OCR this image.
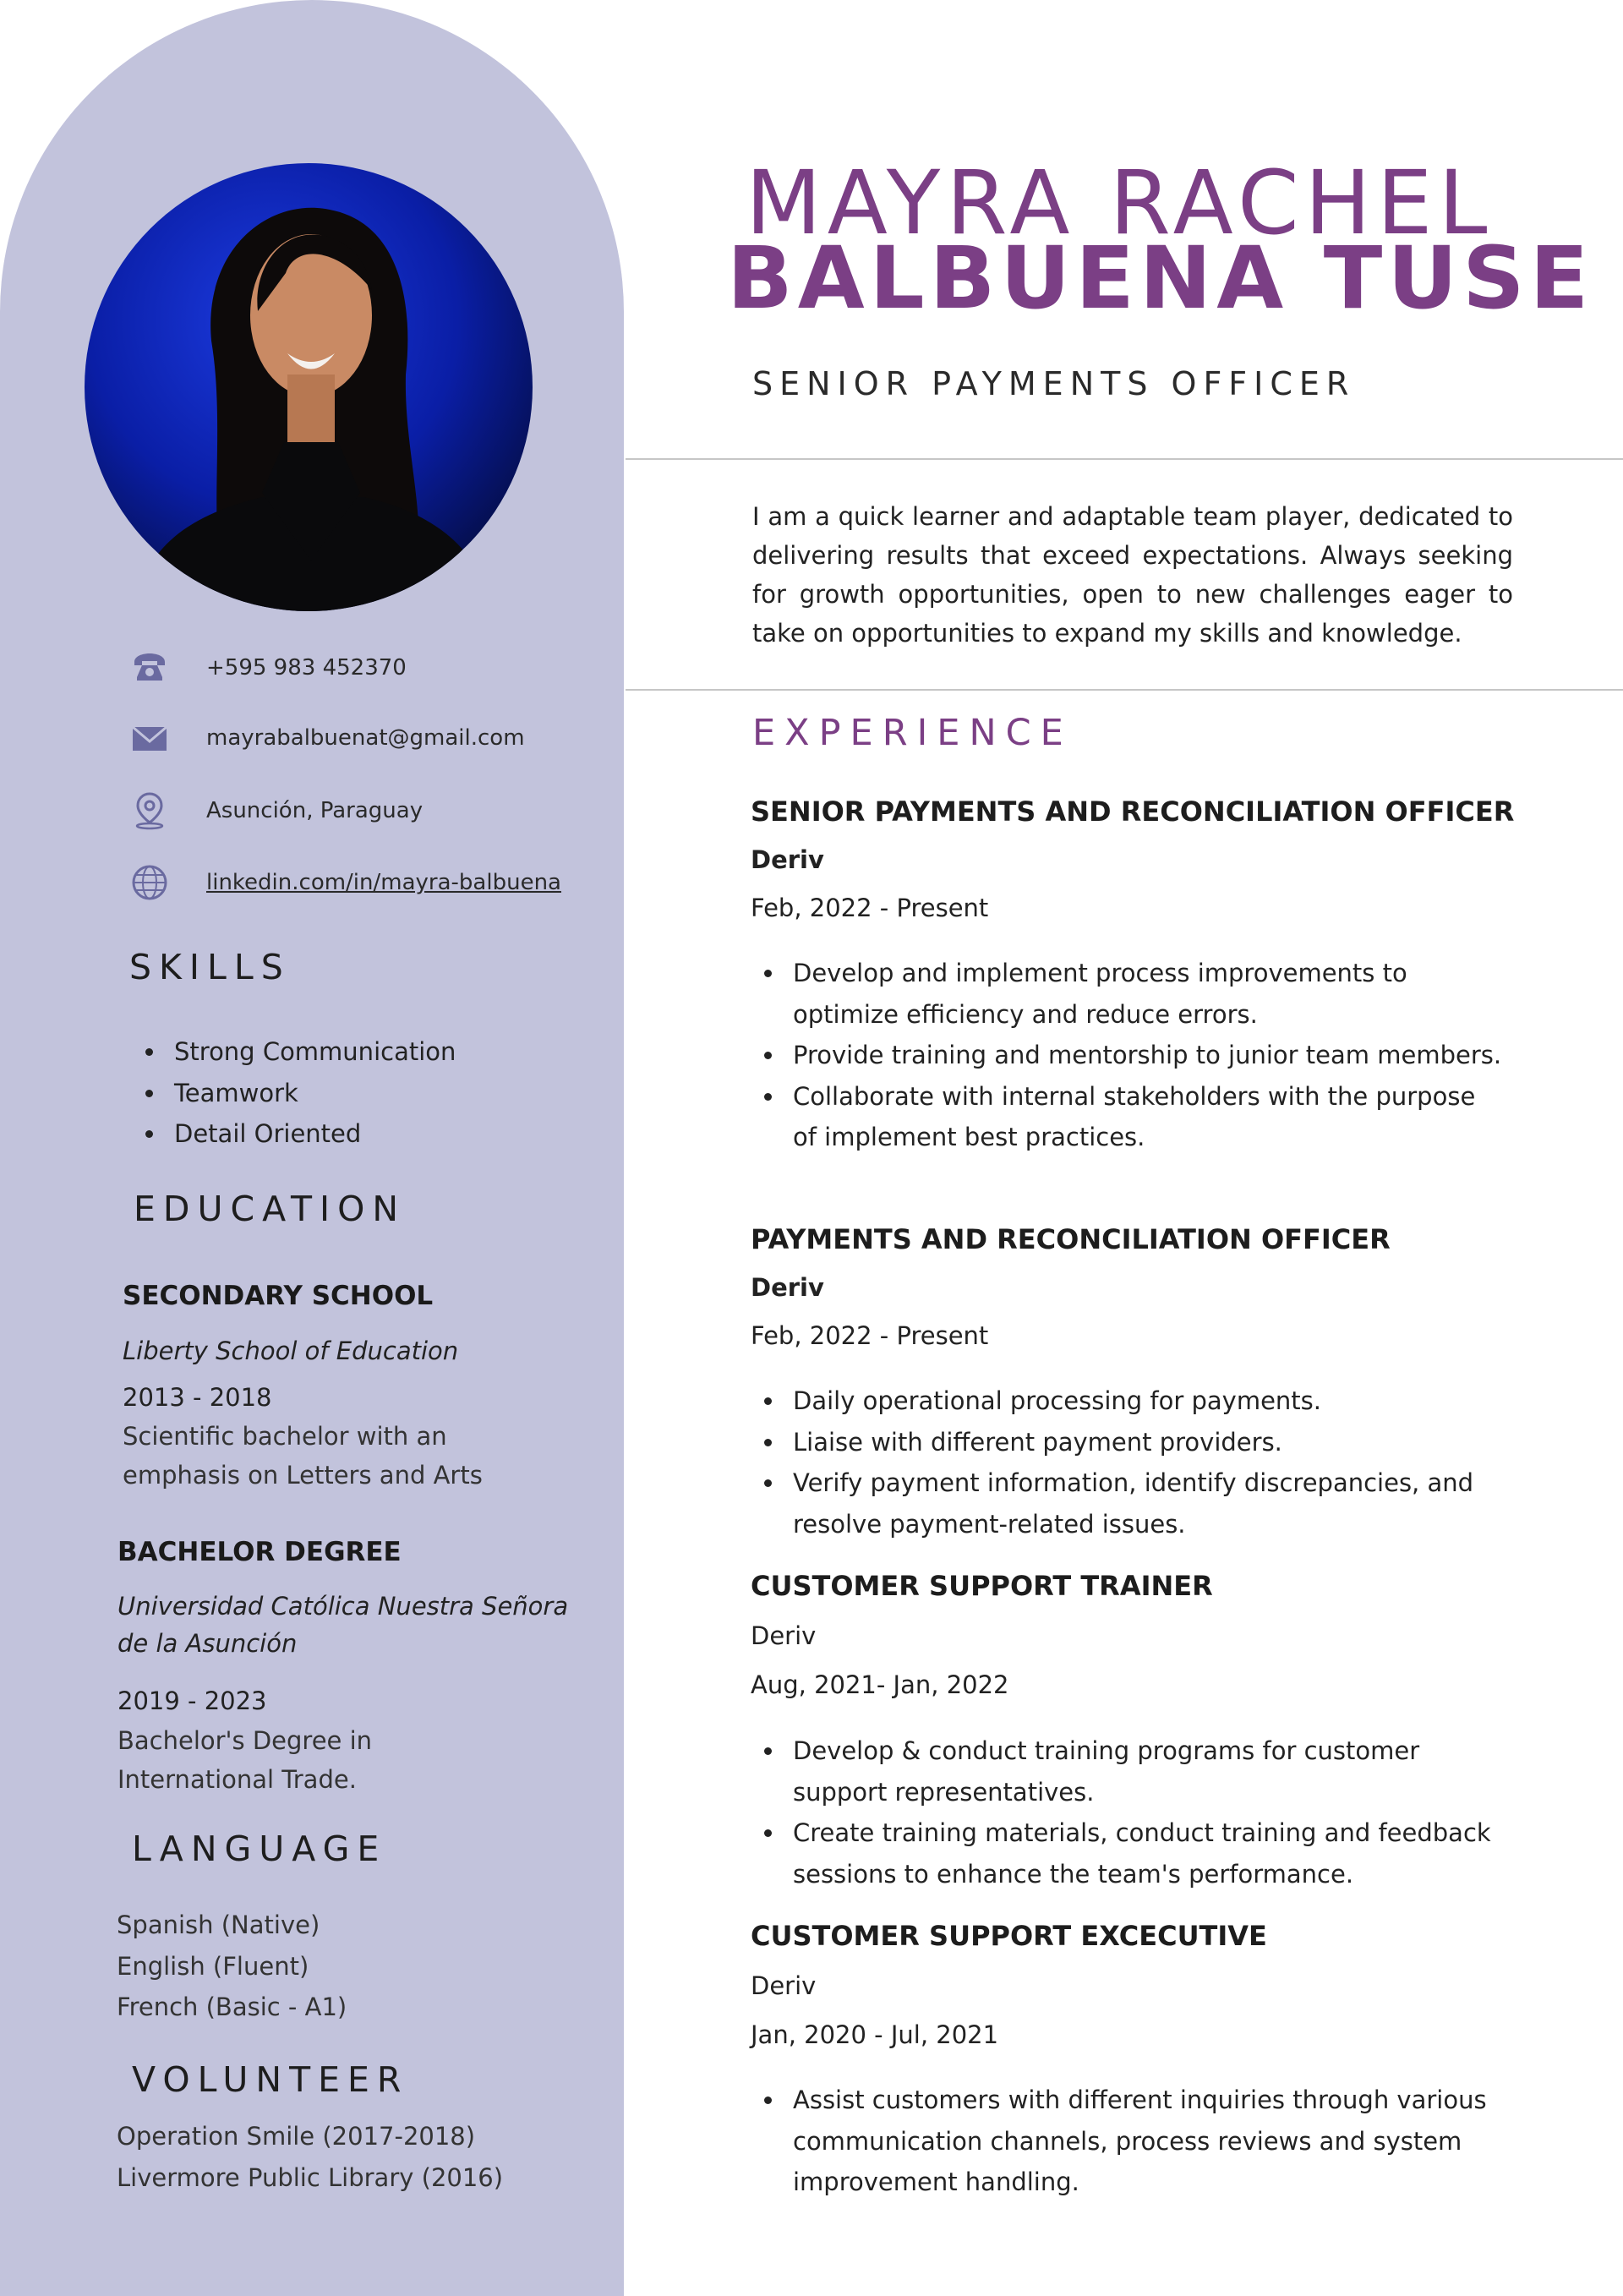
+595 983 452370
mayrabalbuenat@gmail.com
Asunción, Paraguay
linkedin.com/in/mayra-balbuena
SKILLS
Strong Communication
Teamwork
Detail Oriented
EDUCATION
SECONDARY SCHOOL
Liberty School of Education
2013 - 2018
Scientific bachelor with an
emphasis on Letters and Arts
BACHELOR DEGREE
Universidad Católica Nuestra Señora
de la Asunción
2019 - 2023
Bachelor's Degree in
International Trade.
LANGUAGE
Spanish (Native)
English (Fluent)
French (Basic - A1)
VOLUNTEER
Operation Smile (2017-2018)
Livermore Public Library (2016)
MAYRA RACHEL
BALBUENA TUSE
SENIOR PAYMENTS OFFICER
I am a quick learner and adaptable team player, dedicated to delivering results that exceed expectations. Always seeking for growth opportunities, open to new challenges eager to take on opportunities to expand my skills and knowledge.
EXPERIENCE
SENIOR PAYMENTS AND RECONCILIATION OFFICER
Deriv
Feb, 2022 - Present
Develop and implement process improvements to optimize efficiency and reduce errors.
Provide training and mentorship to junior team members.
Collaborate with internal stakeholders with the purpose of implement best practices.
PAYMENTS AND RECONCILIATION OFFICER
Deriv
Feb, 2022 - Present
Daily operational processing for payments.
Liaise with different payment providers.
Verify payment information, identify discrepancies, and resolve payment-related issues.
CUSTOMER SUPPORT TRAINER
Deriv
Aug, 2021- Jan, 2022
Develop & conduct training programs for customer support representatives.
Create training materials, conduct training and feedback sessions to enhance the team's performance.
CUSTOMER SUPPORT EXCECUTIVE
Deriv
Jan, 2020 - Jul, 2021
Assist customers with different inquiries through various communication channels, process reviews and system improvement handling.
